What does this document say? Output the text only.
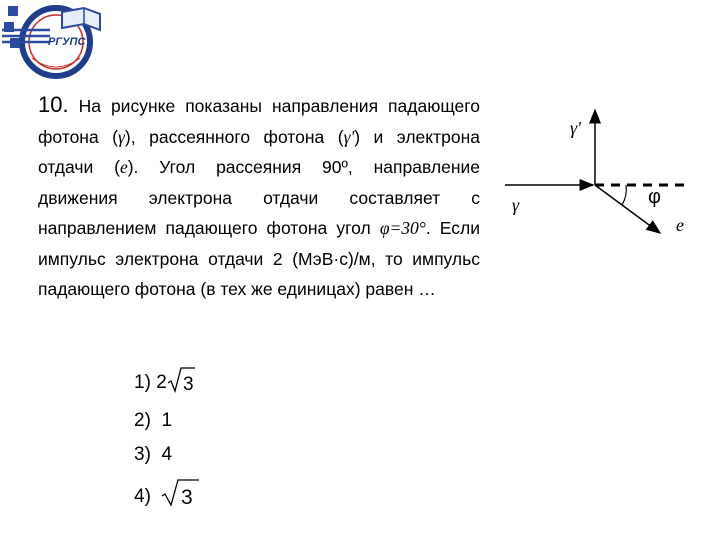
РГУПС

10. На рисунке показаны направления падающего фотона (γ), рассеянного фотона (γ') и электрона отдачи (e). Угол рассеяния 90º, направление движения электрона отдачи составляет с направлением падающего фотона угол φ=30°. Если импульс электрона отдачи 2 (МэВ·с)/м, то импульс падающего фотона (в тех же единицах) равен …

γ'
γ	φ
e
1) 2 3
2) 1
3) 4
4) 3
